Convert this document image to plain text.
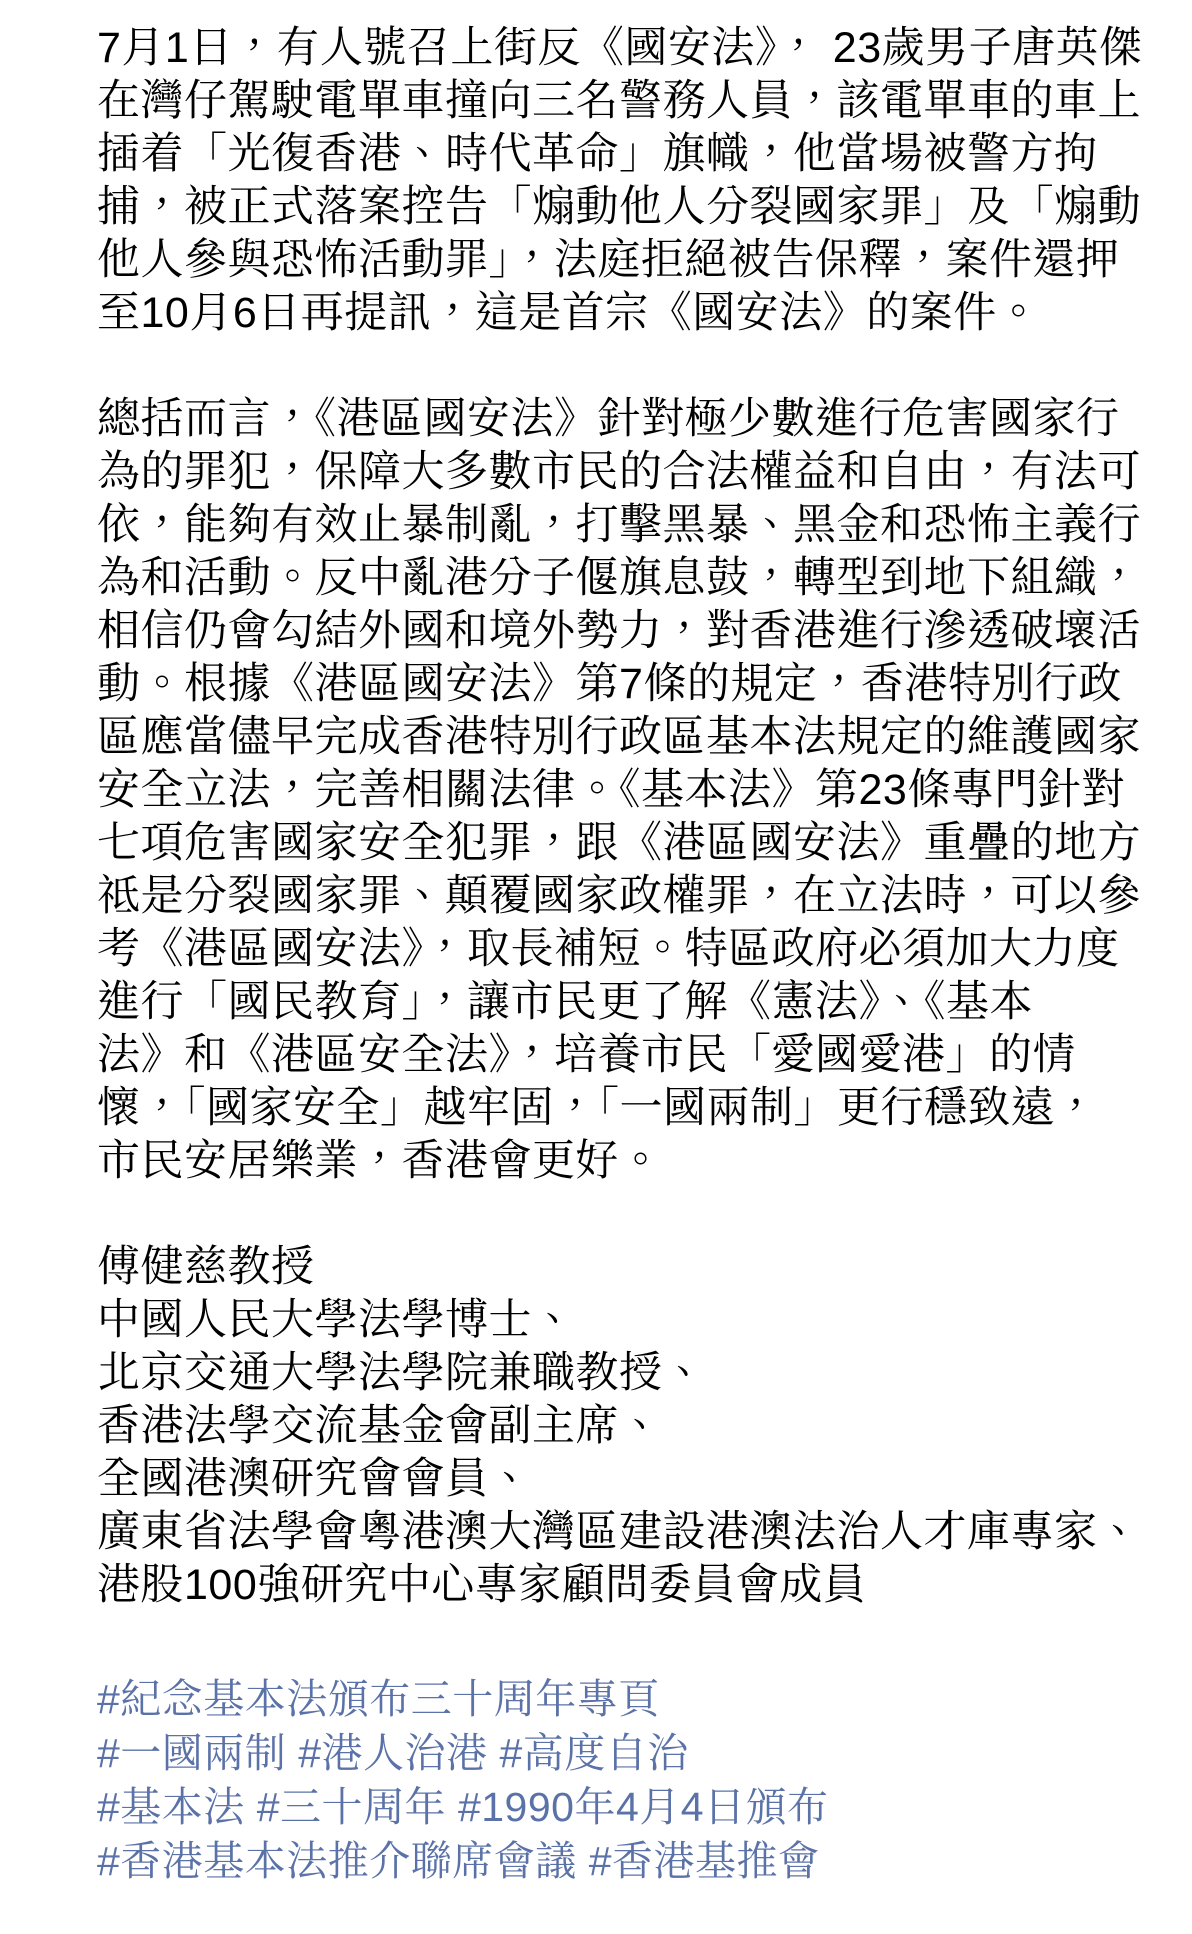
7月1日，有人號召上街反《國安法》， 23歲男子唐英傑
在灣仔駕駛電單車撞向三名警務人員，該電單車的車上
插着「光復香港、時代革命」旗幟，他當場被警方拘
捕，被正式落案控告「煽動他人分裂國家罪」及「煽動
他人參與恐怖活動罪」，法庭拒絕被告保釋，案件還押
至10月6日再提訊，這是首宗《國安法》的案件。
總括而言，《港區國安法》針對極少數進行危害國家行
為的罪犯，保障大多數市民的合法權益和自由，有法可
依，能夠有效止暴制亂，打擊黑暴、黑金和恐怖主義行
為和活動。反中亂港分子偃旗息鼓，轉型到地下組織，
相信仍會勾結外國和境外勢力，對香港進行滲透破壞活
動。根據《港區國安法》第7條的規定，香港特別行政
區應當儘早完成香港特別行政區基本法規定的維護國家
安全立法，完善相關法律。《基本法》第23條專門針對
七項危害國家安全犯罪，跟《港區國安法》重疊的地方
祗是分裂國家罪、顛覆國家政權罪，在立法時，可以參
考《港區國安法》，取長補短。特區政府必須加大力度
進行「國民教育」，讓市民更了解《憲法》、《基本
法》和《港區安全法》，培養市民「愛國愛港」的情
懷，「國家安全」越牢固，「一國兩制」更行穩致遠，
市民安居樂業，香港會更好。
傅健慈教授
中國人民大學法學博士、
北京交通大學法學院兼職教授、
香港法學交流基金會副主席、
全國港澳研究會會員、
廣東省法學會粵港澳大灣區建設港澳法治人才庫專家、
港股100強研究中心專家顧問委員會成員
#紀念基本法頒布三十周年專頁
#一國兩制 #港人治港 #高度自治
#基本法 #三十周年 #1990年4月4日頒布
#香港基本法推介聯席會議 #香港基推會
